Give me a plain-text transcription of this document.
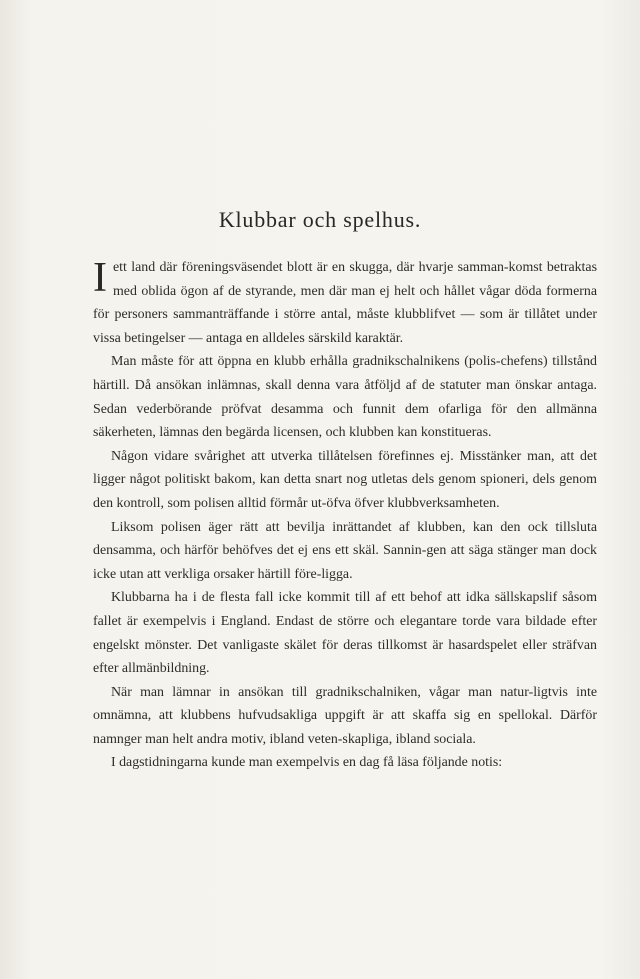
Klubbar och spelhus.

Iett land där föreningsväsendet blott är en skugga, där hvarje samman-komst betraktas med oblida ögon af de styrande, men där man ej helt och hållet vågar döda formerna för personers sammanträffande i större antal, måste klubblifvet — som är tillåtet under vissa betingelser — antaga en alldeles särskild karaktär.

Man måste för att öppna en klubb erhålla gradnikschalnikens (polis-chefens) tillstånd härtill. Då ansökan inlämnas, skall denna vara åtföljd af de statuter man önskar antaga. Sedan vederbörande pröfvat desamma och funnit dem ofarliga för den allmänna säkerheten, lämnas den begärda licensen, och klubben kan konstitueras.

Någon vidare svårighet att utverka tillåtelsen förefinnes ej. Misstänker man, att det ligger något politiskt bakom, kan detta snart nog utletas dels genom spioneri, dels genom den kontroll, som polisen alltid förmår ut-öfva öfver klubbverksamheten.

Liksom polisen äger rätt att bevilja inrättandet af klubben, kan den ock tillsluta densamma, och härför behöfves det ej ens ett skäl. Sannin-gen att säga stänger man dock icke utan att verkliga orsaker härtill före-ligga.

Klubbarna ha i de flesta fall icke kommit till af ett behof att idka sällskapslif såsom fallet är exempelvis i England. Endast de större och elegantare torde vara bildade efter engelskt mönster. Det vanligaste skälet för deras tillkomst är hasardspelet eller sträfvan efter allmänbildning.

När man lämnar in ansökan till gradnikschalniken, vågar man natur-ligtvis inte omnämna, att klubbens hufvudsakliga uppgift är att skaffa sig en spellokal. Därför namnger man helt andra motiv, ibland veten-skapliga, ibland sociala.

I dagstidningarna kunde man exempelvis en dag få läsa följande notis:
